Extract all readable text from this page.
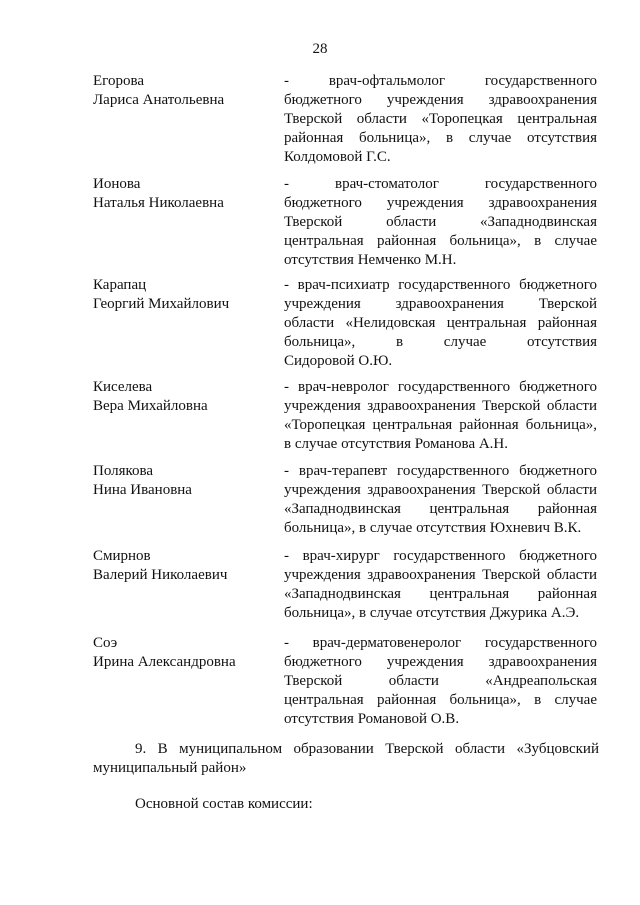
28
Егорова
Лариса Анатольевна
- врач-офтальмолог государственного
бюджетного учреждения здравоохранения
Тверской области «Торопецкая центральная
районная больница», в случае отсутствия
Колдомовой Г.С.
Ионова
Наталья Николаевна
- врач-стоматолог государственного
бюджетного учреждения здравоохранения
Тверской области «Западнодвинская
центральная районная больница», в случае
отсутствия Немченко М.Н.
Карапац
Георгий Михайлович
- врач-психиатр государственного бюджетного
учреждения здравоохранения Тверской
области «Нелидовская центральная районная
больница», в случае отсутствия
Сидоровой О.Ю.
Киселева
Вера Михайловна
- врач-невролог государственного бюджетного
учреждения здравоохранения Тверской области
«Торопецкая центральная районная больница»,
в случае отсутствия Романова А.Н.
Полякова
Нина Ивановна
- врач-терапевт государственного бюджетного
учреждения здравоохранения Тверской области
«Западнодвинская центральная районная
больница», в случае отсутствия Юхневич В.К.
Смирнов
Валерий Николаевич
- врач-хирург государственного бюджетного
учреждения здравоохранения Тверской области
«Западнодвинская центральная районная
больница», в случае отсутствия Джурика А.Э.
Соэ
Ирина Александровна
- врач-дерматовенеролог государственного
бюджетного учреждения здравоохранения
Тверской области «Андреапольская
центральная районная больница», в случае
отсутствия Романовой О.В.
9. В муниципальном образовании Тверской области «Зубцовский
муниципальный район»
Основной состав комиссии:
